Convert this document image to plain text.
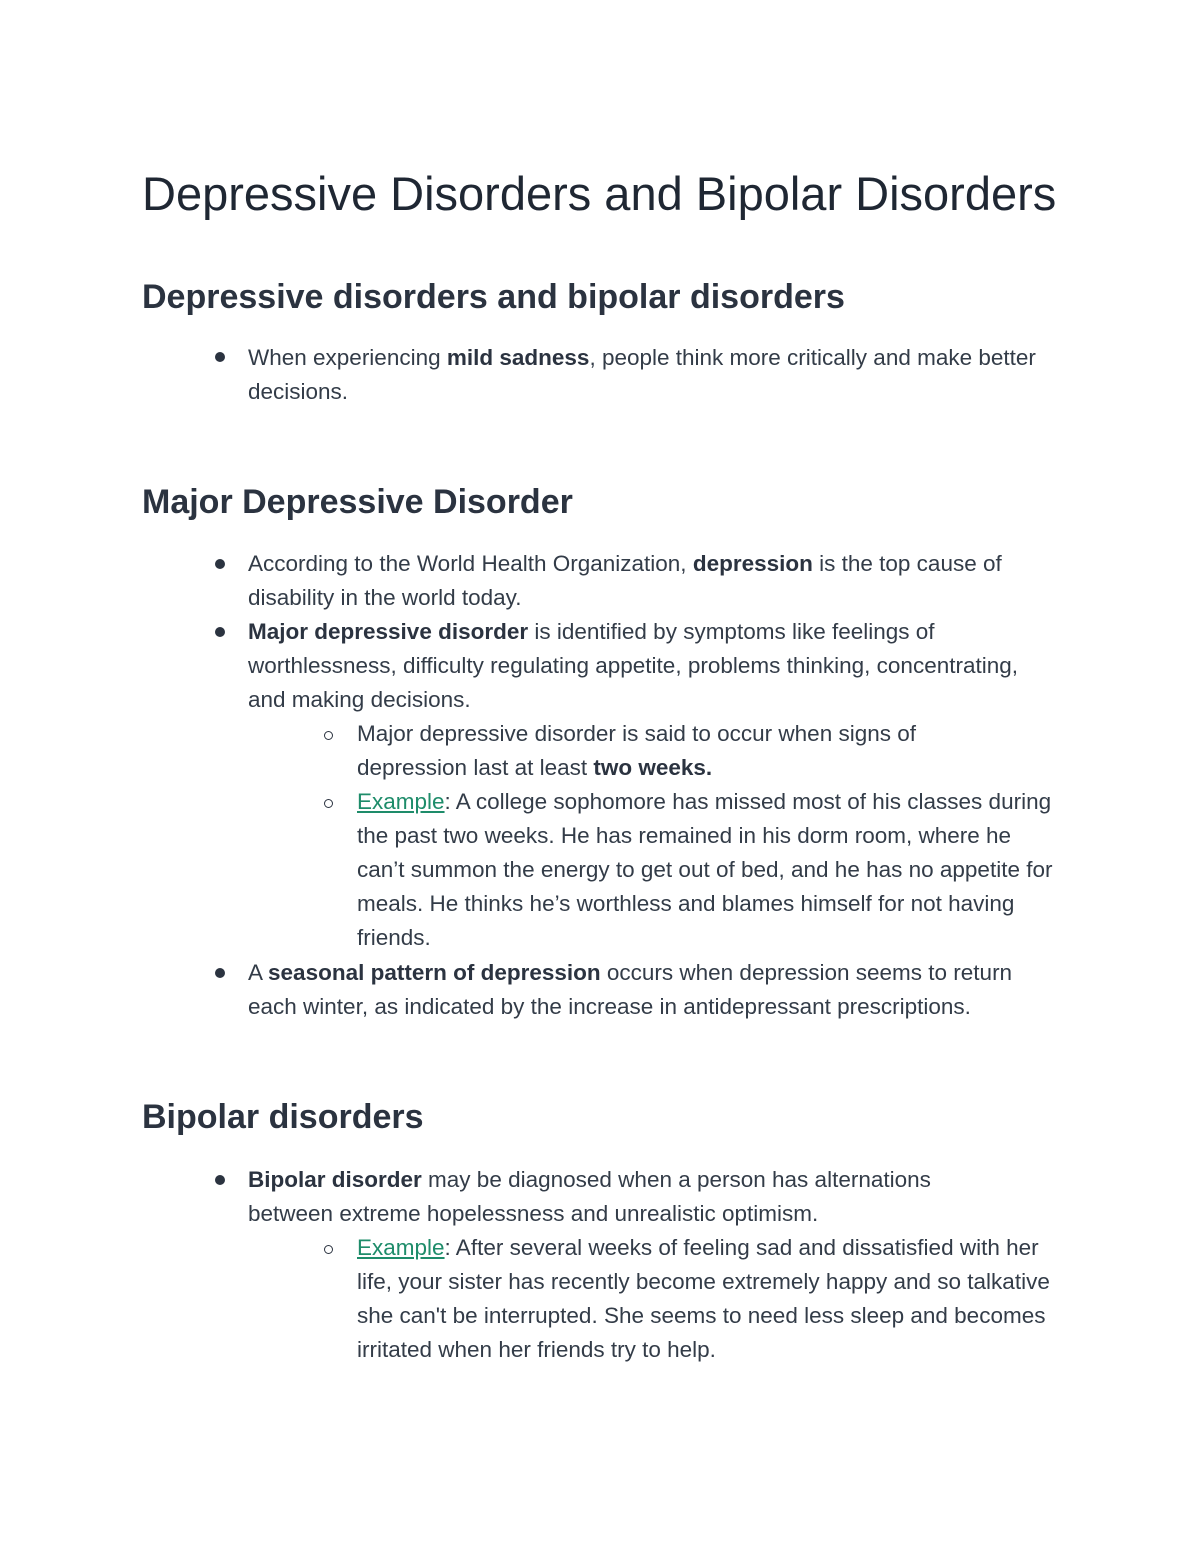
Depressive Disorders and Bipolar Disorders
Depressive disorders and bipolar disorders
When experiencing mild sadness, people think more critically and make better decisions.
Major Depressive Disorder
According to the World Health Organization, depression is the top cause of disability in the world today.
Major depressive disorder is identified by symptoms like feelings of worthlessness, difficulty regulating appetite, problems thinking, concentrating, and making decisions.
Major depressive disorder is said to occur when signs of depression last at least two weeks.
Example: A college sophomore has missed most of his classes during the past two weeks. He has remained in his dorm room, where he can’t summon the energy to get out of bed, and he has no appetite for meals. He thinks he’s worthless and blames himself for not having friends.
A seasonal pattern of depression occurs when depression seems to return each winter, as indicated by the increase in antidepressant prescriptions.
Bipolar disorders
Bipolar disorder may be diagnosed when a person has alternations between extreme hopelessness and unrealistic optimism.
Example: After several weeks of feeling sad and dissatisfied with her life, your sister has recently become extremely happy and so talkative she can't be interrupted. She seems to need less sleep and becomes irritated when her friends try to help.
